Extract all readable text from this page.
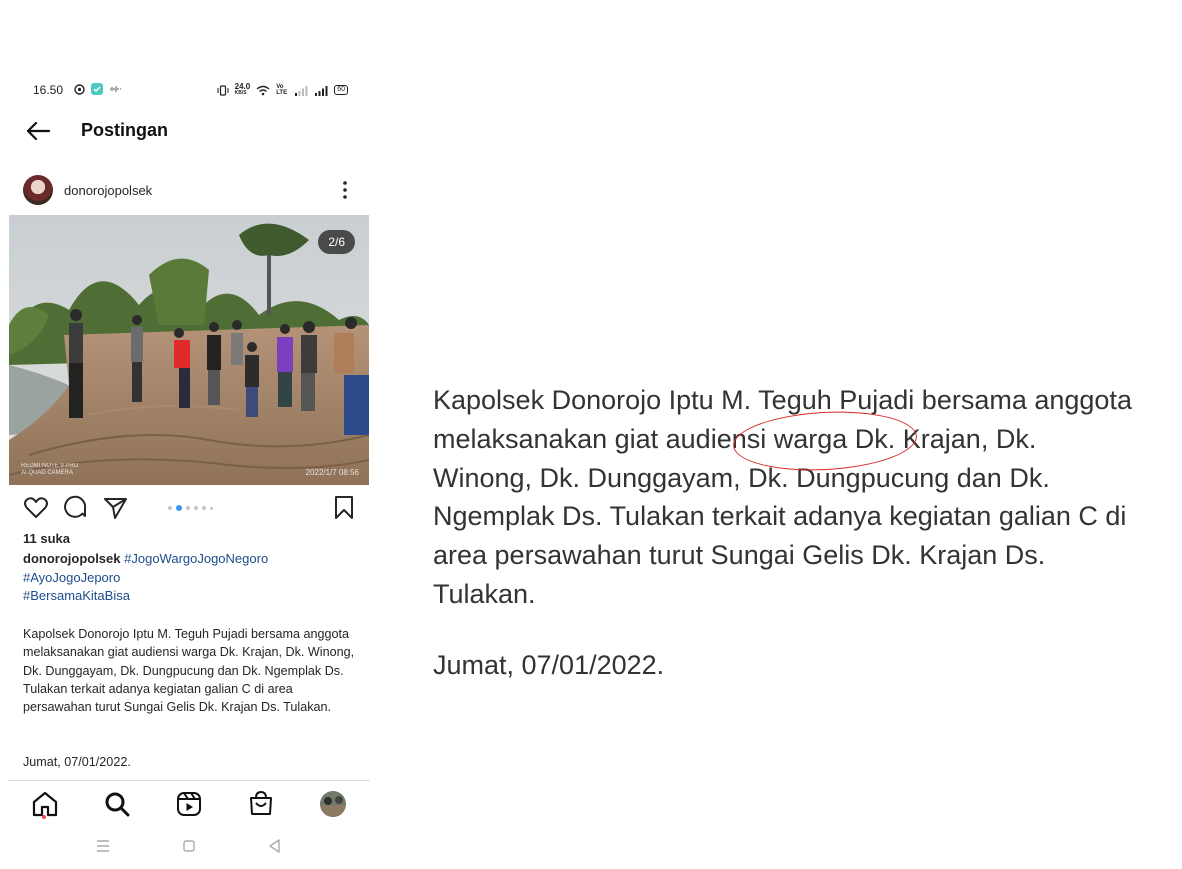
16.50	24.0
KB/S
Vo LTE	60
Postingan
donorojopolsek
2/6
REDMI NOTE 9 PRO
AI QUAD CAMERA	2022/1/7 08:56
11 suka
donorojopolsek #JogoWargoJogoNegoro
#AyoJogoJeporo
#BersamaKitaBisa
Kapolsek Donorojo Iptu M. Teguh Pujadi bersama anggota melaksanakan giat audiensi warga Dk. Krajan, Dk. Winong, Dk. Dunggayam, Dk. Dungpucung dan Dk. Ngemplak Ds. Tulakan terkait adanya kegiatan galian C di area persawahan turut Sungai Gelis Dk. Krajan Ds. Tulakan.
Jumat, 07/01/2022.
Kapolsek Donorojo Iptu M. Teguh Pujadi bersama anggota melaksanakan giat audiensi warga Dk. Krajan, Dk. Winong, Dk. Dunggayam, Dk. Dungpucung dan Dk. Ngemplak Ds. Tulakan terkait adanya kegiatan galian C di area persawahan turut Sungai Gelis Dk. Krajan Ds. Tulakan.
Jumat, 07/01/2022.
